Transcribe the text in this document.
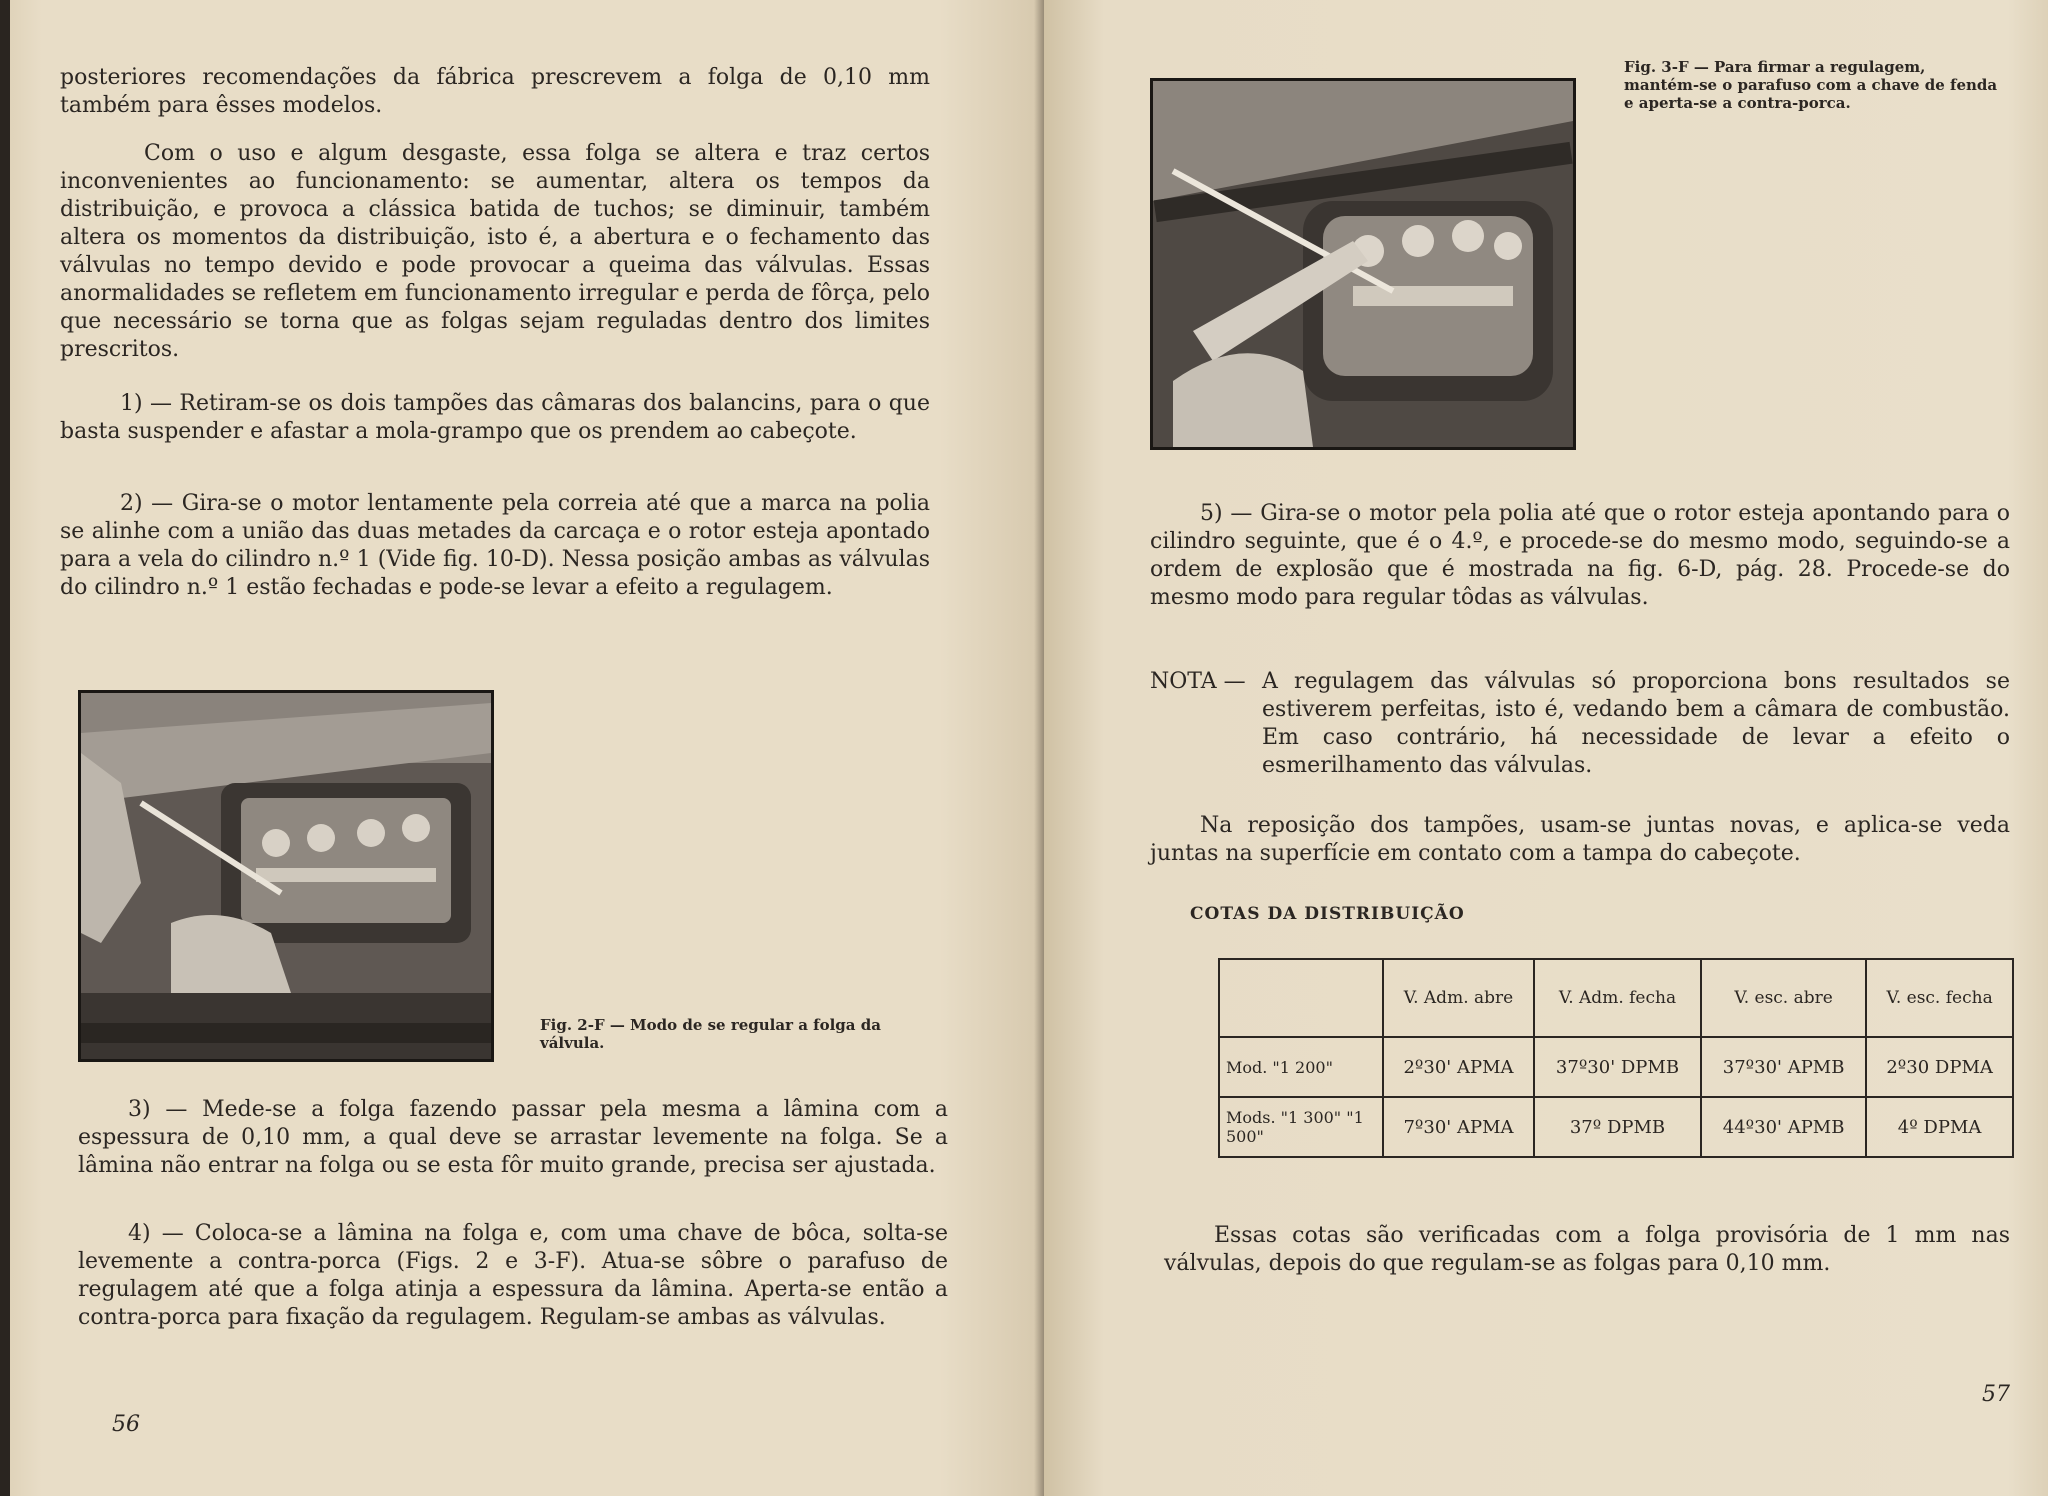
posteriores recomendações da fábrica prescrevem a folga de 0,10 mm também para êsses modelos.

Com o uso e algum desgaste, essa folga se altera e traz certos inconvenientes ao funcionamento: se aumentar, altera os tempos da distribuição, e provoca a clássica batida de tuchos; se diminuir, também altera os momentos da distribuição, isto é, a abertura e o fechamento das válvulas no tempo devido e pode provocar a queima das válvulas. Essas anormalidades se refletem em funcionamento irregular e perda de fôrça, pelo que necessário se torna que as folgas sejam reguladas dentro dos limites prescritos.

1) — Retiram-se os dois tampões das câmaras dos balancins, para o que basta suspender e afastar a mola-grampo que os prendem ao cabeçote.

2) — Gira-se o motor lentamente pela correia até que a marca na polia se alinhe com a união das duas metades da carcaça e o rotor esteja apontado para a vela do cilindro n.º 1 (Vide fig. 10-D). Nessa posição ambas as válvulas do cilindro n.º 1 estão fechadas e pode-se levar a efeito a regulagem.

Fig. 2-F — Modo de se regular a folga da válvula.

3) — Mede-se a folga fazendo passar pela mesma a lâmina com a espessura de 0,10 mm, a qual deve se arrastar levemente na folga. Se a lâmina não entrar na folga ou se esta fôr muito grande, precisa ser ajustada.

4) — Coloca-se a lâmina na folga e, com uma chave de bôca, solta-se levemente a contra-porca (Figs. 2 e 3-F). Atua-se sôbre o parafuso de regulagem até que a folga atinja a espessura da lâmina. Aperta-se então a contra-porca para fixação da regulagem. Regulam-se ambas as válvulas.

56

Fig. 3-F — Para firmar a regulagem, mantém-se o parafuso com a chave de fenda e aperta-se a contra-porca.

5) — Gira-se o motor pela polia até que o rotor esteja apontando para o cilindro seguinte, que é o 4.º, e procede-se do mesmo modo, seguindo-se a ordem de explosão que é mostrada na fig. 6-D, pág. 28. Procede-se do mesmo modo para regular tôdas as válvulas.

NOTA — A regulagem das válvulas só proporciona bons resultados se estiverem perfeitas, isto é, vedando bem a câmara de combustão. Em caso contrário, há necessidade de levar a efeito o esmerilhamento das válvulas.

Na reposição dos tampões, usam-se juntas novas, e aplica-se veda juntas na superfície em contato com a tampa do cabeçote.

COTAS DA DISTRIBUIÇÃO
	V. Adm. abre	V. Adm. fecha	V. esc. abre	V. esc. fecha
Mod. "1 200"	2º30' APMA	37º30' DPMB	37º30' APMB	2º30 DPMA
Mods. "1 300" "1 500"	7º30' APMA	37º DPMB	44º30' APMB	4º DPMA

Essas cotas são verificadas com a folga provisória de 1 mm nas válvulas, depois do que regulam-se as folgas para 0,10 mm.

57
